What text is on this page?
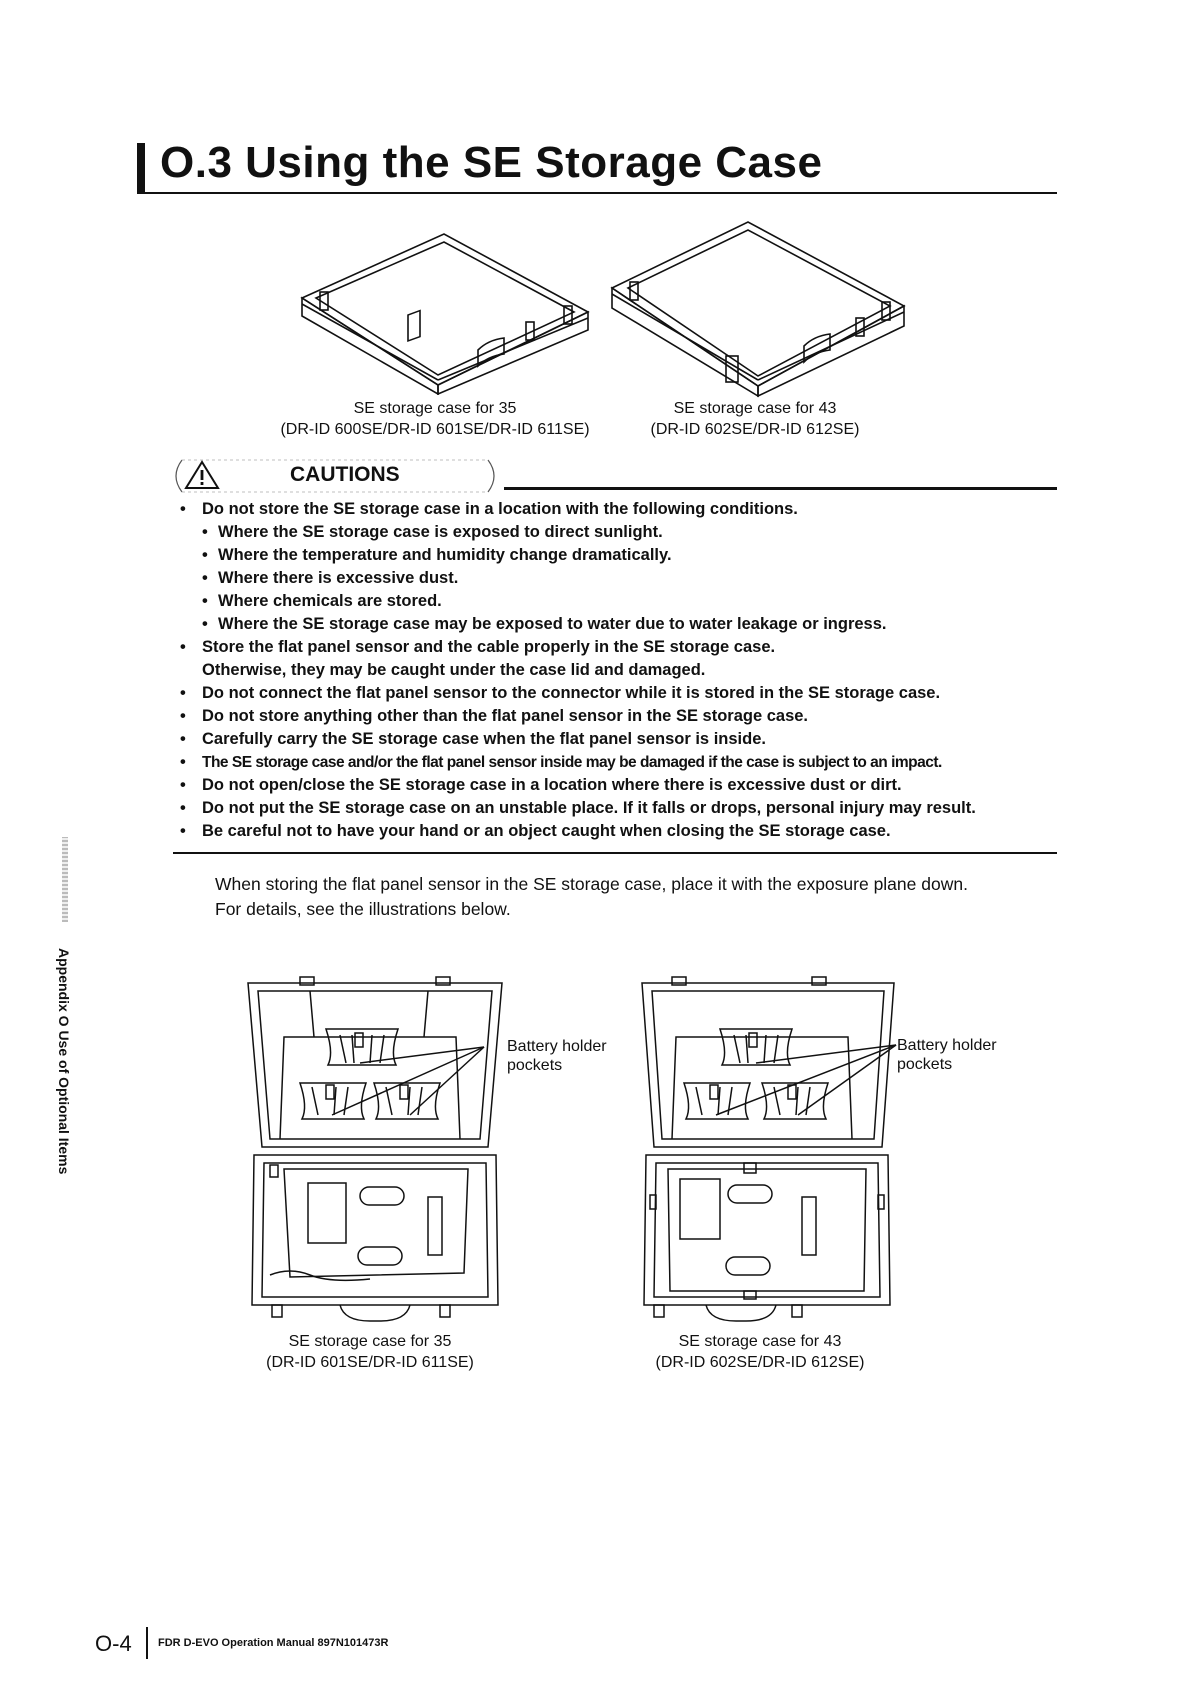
O.3 Using the SE Storage Case
SE storage case for 35
(DR-ID 600SE/DR-ID 601SE/DR-ID 611SE)
SE storage case for 43
(DR-ID 602SE/DR-ID 612SE)
CAUTIONS
• Do not store the SE storage case in a location with the following conditions.
• Where the SE storage case is exposed to direct sunlight.
• Where the temperature and humidity change dramatically.
• Where there is excessive dust.
• Where chemicals are stored.
• Where the SE storage case may be exposed to water due to water leakage or ingress.
• Store the flat panel sensor and the cable properly in the SE storage case.
Otherwise, they may be caught under the case lid and damaged.
• Do not connect the flat panel sensor to the connector while it is stored in the SE storage case.
• Do not store anything other than the flat panel sensor in the SE storage case.
• Carefully carry the SE storage case when the flat panel sensor is inside.
• The SE storage case and/or the flat panel sensor inside may be damaged if the case is subject to an impact.
• Do not open/close the SE storage case in a location where there is excessive dust or dirt.
• Do not put the SE storage case on an unstable place. If it falls or drops, personal injury may result.
• Be careful not to have your hand or an object caught when closing the SE storage case.
When storing the flat panel sensor in the SE storage case, place it with the exposure plane down.
For details, see the illustrations below.
Battery holder
pockets
Battery holder
pockets
SE storage case for 35
(DR-ID 601SE/DR-ID 611SE)
SE storage case for 43
(DR-ID 602SE/DR-ID 612SE)
Appendix O Use of Optional Items
O-4 FDR D-EVO Operation Manual 897N101473R
